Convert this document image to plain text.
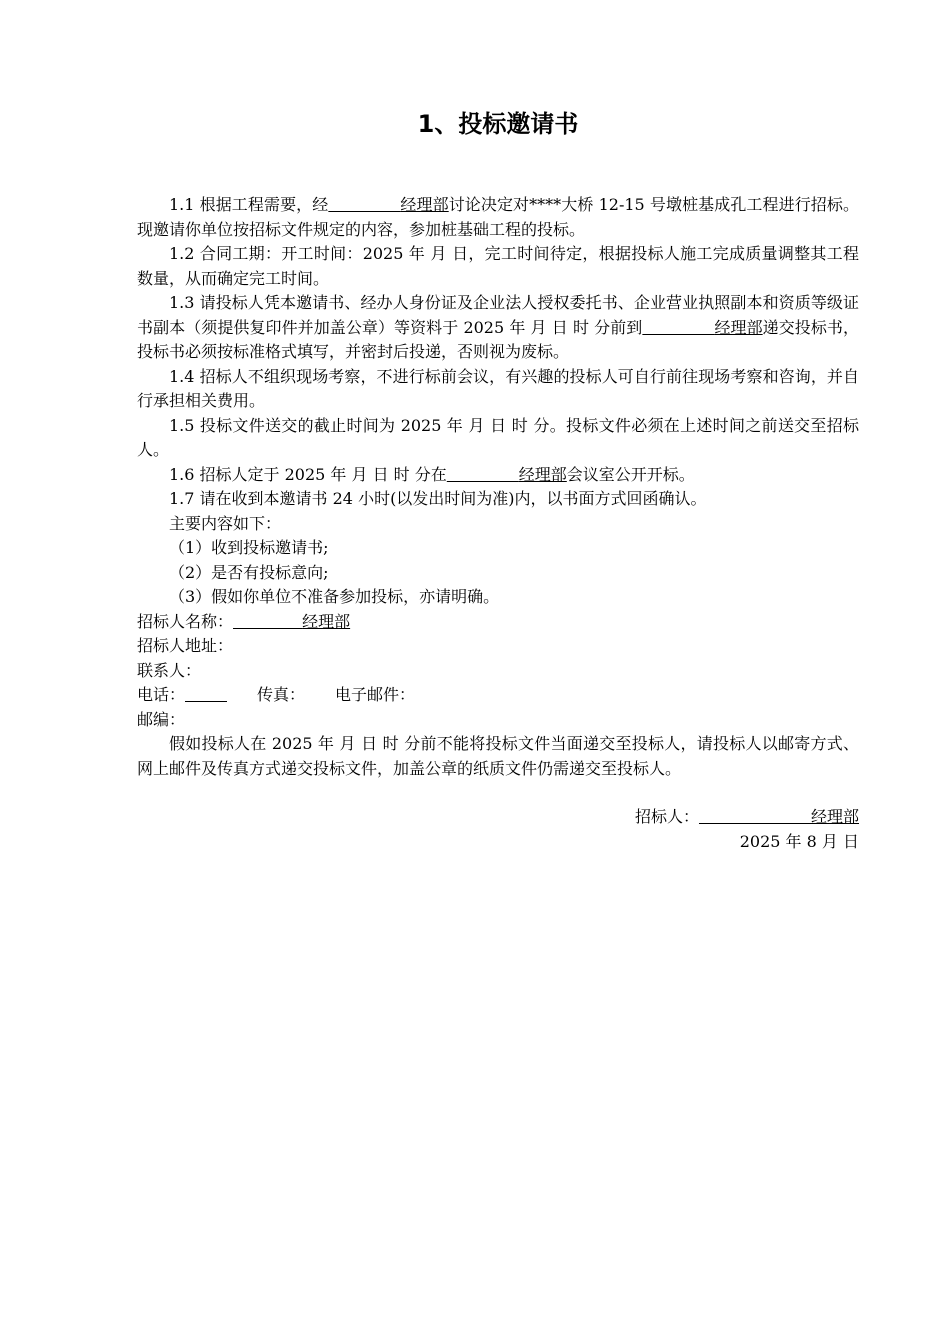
1、投标邀请书

1.1 根据工程需要，经     	经理部讨论决定对****大桥 12-15 号墩桩基成孔工程进行招标。现邀请你单位按招标文件规定的内容，参加桩基础工程的投标。

1.2 合同工期：开工时间：2025 年 月 日，完工时间待定，根据投标人施工完成质量调整其工程数量，从而确定完工时间。

1.3 请投标人凭本邀请书、经办人身份证及企业法人授权委托书、企业营业执照副本和资质等级证书副本（须提供复印件并加盖公章）等资料于 2025 年 月 日 时 分前到     	经理部递交投标书，投标书必须按标准格式填写，并密封后投递，否则视为废标。

1.4 招标人不组织现场考察，不进行标前会议，有兴趣的投标人可自行前往现场考察和咨询，并自行承担相关费用。

1.5 投标文件送交的截止时间为 2025 年 月 日 时 分。投标文件必须在上述时间之前送交至招标人。

1.6 招标人定于 2025 年 月 日 时 分在     	经理部会议室公开开标。

1.7 请在收到本邀请书 24 小时(以发出时间为准)内，以书面方式回函确认。

主要内容如下：

（1）收到投标邀请书;

（2）是否有投标意向;

（3）假如你单位不准备参加投标，亦请明确。

招标人名称：    	经理部

招标人地址：

联系人：

电话：	传真： 电子邮件：

邮编：

假如投标人在 2025 年 月 日 时 分前不能将投标文件当面递交至投标人，请投标人以邮寄方式、网上邮件及传真方式递交投标文件，加盖公章的纸质文件仍需递交至投标人。

招标人：       	经理部

2025 年 8 月 日
